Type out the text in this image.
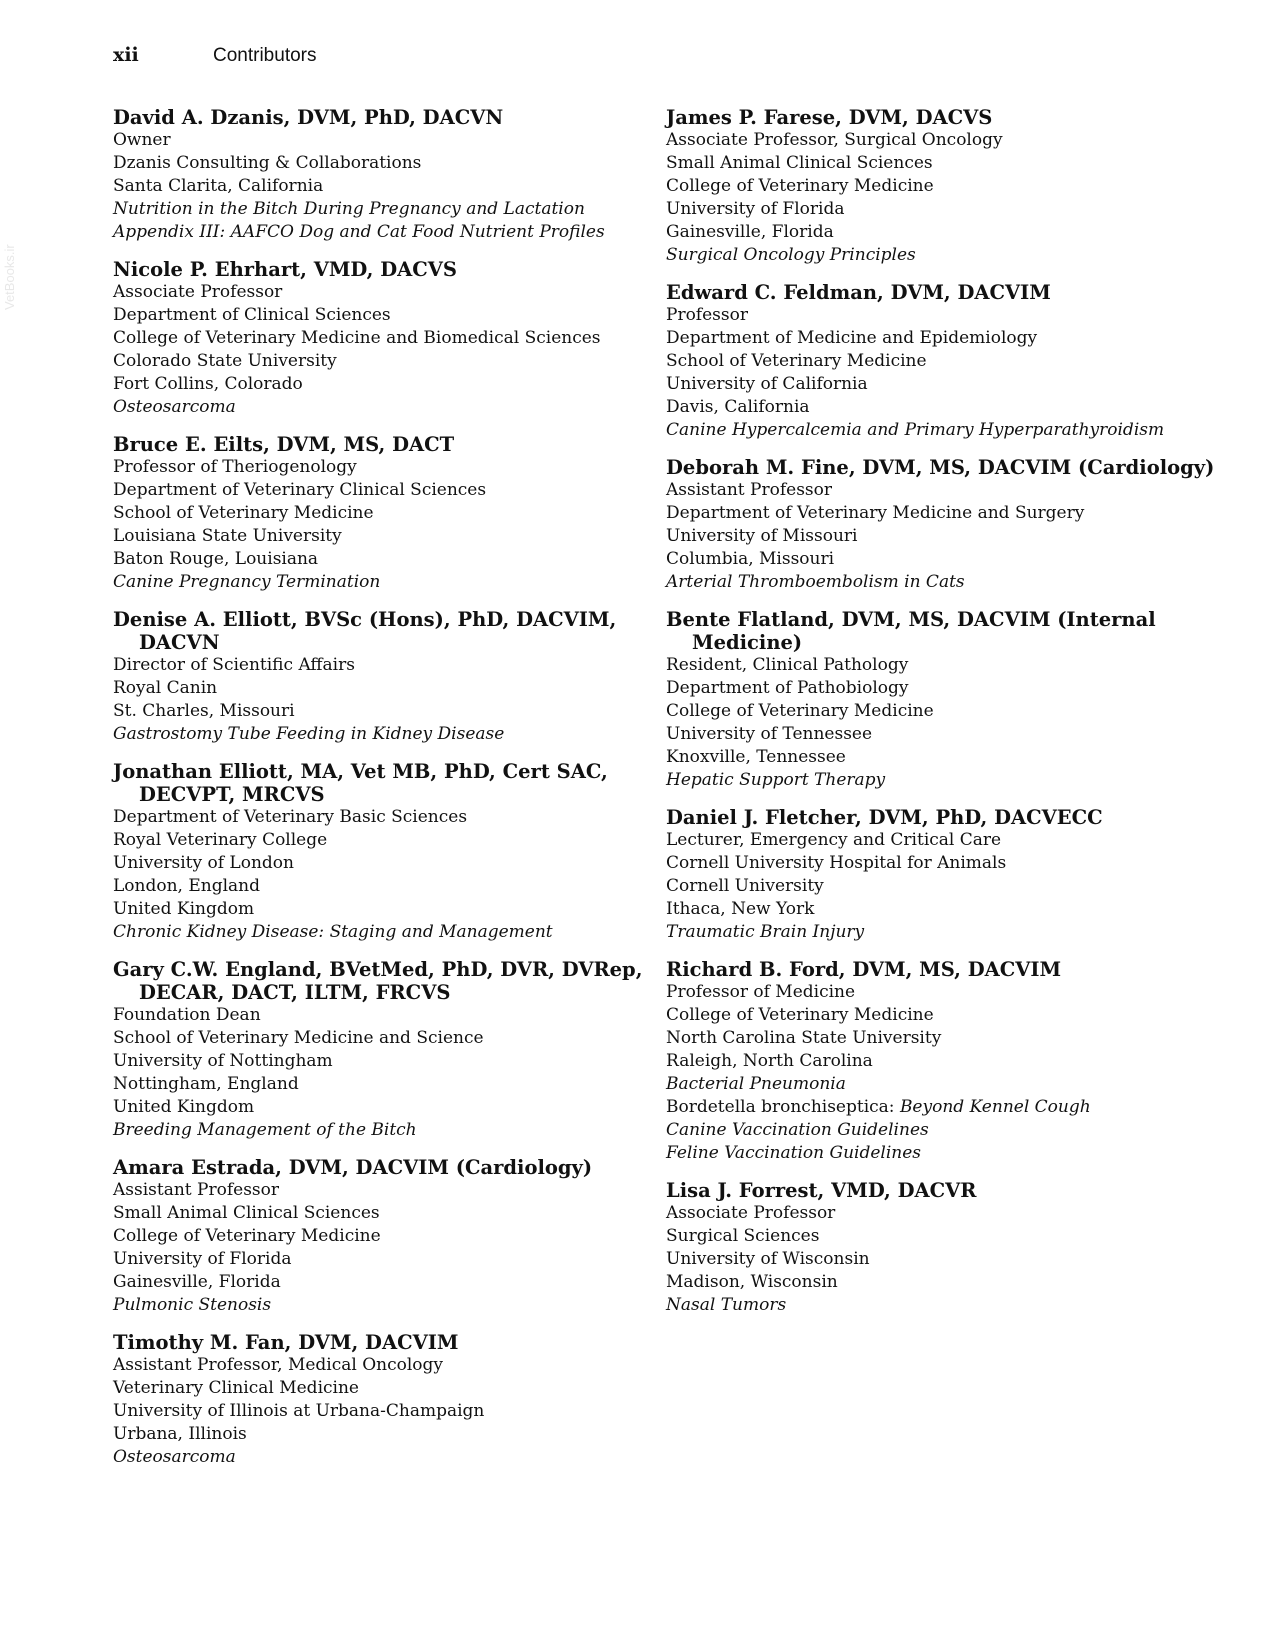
xii	Contributors
VetBooks.ir
David A. Dzanis, DVM, PhD, DACVN
Owner
Dzanis Consulting & Collaborations
Santa Clarita, California
Nutrition in the Bitch During Pregnancy and Lactation
Appendix III: AAFCO Dog and Cat Food Nutrient Profiles
Nicole P. Ehrhart, VMD, DACVS
Associate Professor
Department of Clinical Sciences
College of Veterinary Medicine and Biomedical Sciences
Colorado State University
Fort Collins, Colorado
Osteosarcoma
Bruce E. Eilts, DVM, MS, DACT
Professor of Theriogenology
Department of Veterinary Clinical Sciences
School of Veterinary Medicine
Louisiana State University
Baton Rouge, Louisiana
Canine Pregnancy Termination
Denise A. Elliott, BVSc (Hons), PhD, DACVIM, DACVN
Director of Scientific Affairs
Royal Canin
St. Charles, Missouri
Gastrostomy Tube Feeding in Kidney Disease
Jonathan Elliott, MA, Vet MB, PhD, Cert SAC, DECVPT, MRCVS
Department of Veterinary Basic Sciences
Royal Veterinary College
University of London
London, England
United Kingdom
Chronic Kidney Disease: Staging and Management
Gary C.W. England, BVetMed, PhD, DVR, DVRep, DECAR, DACT, ILTM, FRCVS
Foundation Dean
School of Veterinary Medicine and Science
University of Nottingham
Nottingham, England
United Kingdom
Breeding Management of the Bitch
Amara Estrada, DVM, DACVIM (Cardiology)
Assistant Professor
Small Animal Clinical Sciences
College of Veterinary Medicine
University of Florida
Gainesville, Florida
Pulmonic Stenosis
Timothy M. Fan, DVM, DACVIM
Assistant Professor, Medical Oncology
Veterinary Clinical Medicine
University of Illinois at Urbana-Champaign
Urbana, Illinois
Osteosarcoma
James P. Farese, DVM, DACVS
Associate Professor, Surgical Oncology
Small Animal Clinical Sciences
College of Veterinary Medicine
University of Florida
Gainesville, Florida
Surgical Oncology Principles
Edward C. Feldman, DVM, DACVIM
Professor
Department of Medicine and Epidemiology
School of Veterinary Medicine
University of California
Davis, California
Canine Hypercalcemia and Primary Hyperparathyroidism
Deborah M. Fine, DVM, MS, DACVIM (Cardiology)
Assistant Professor
Department of Veterinary Medicine and Surgery
University of Missouri
Columbia, Missouri
Arterial Thromboembolism in Cats
Bente Flatland, DVM, MS, DACVIM (Internal Medicine)
Resident, Clinical Pathology
Department of Pathobiology
College of Veterinary Medicine
University of Tennessee
Knoxville, Tennessee
Hepatic Support Therapy
Daniel J. Fletcher, DVM, PhD, DACVECC
Lecturer, Emergency and Critical Care
Cornell University Hospital for Animals
Cornell University
Ithaca, New York
Traumatic Brain Injury
Richard B. Ford, DVM, MS, DACVIM
Professor of Medicine
College of Veterinary Medicine
North Carolina State University
Raleigh, North Carolina
Bacterial Pneumonia
Bordetella bronchiseptica: Beyond Kennel Cough
Canine Vaccination Guidelines
Feline Vaccination Guidelines
Lisa J. Forrest, VMD, DACVR
Associate Professor
Surgical Sciences
University of Wisconsin
Madison, Wisconsin
Nasal Tumors
